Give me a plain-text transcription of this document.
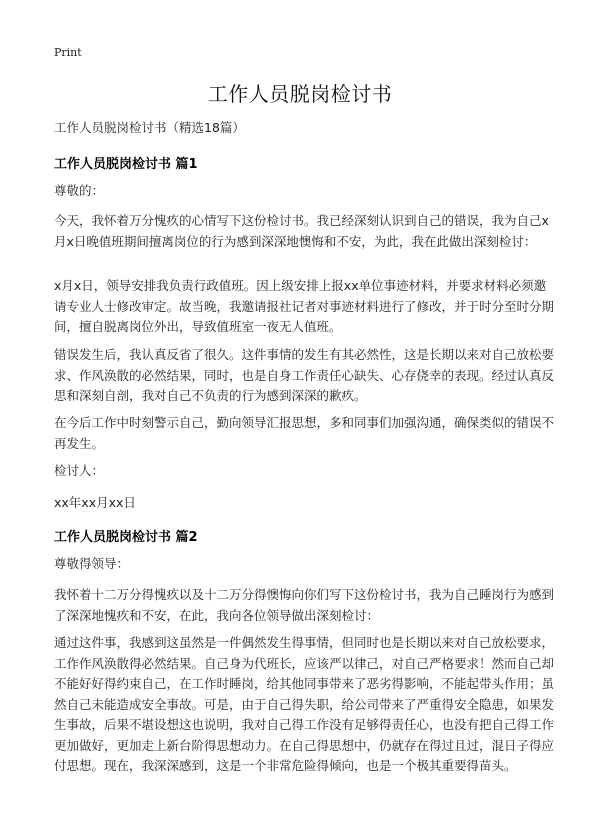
Print
工作人员脱岗检讨书
工作人员脱岗检讨书（精选18篇）
工作人员脱岗检讨书 篇1

尊敬的：

今天，我怀着万分愧疚的心情写下这份检讨书。我已经深刻认识到自己的错误，我为自己x月x日晚值班期间擅离岗位的行为感到深深地懊悔和不安，为此，我在此做出深刻检讨：

x月x日，领导安排我负责行政值班。因上级安排上报xx单位事迹材料，并要求材料必须邀请专业人士修改审定。故当晚，我邀请报社记者对事迹材料进行了修改，并于时分至时分期间，擅自脱离岗位外出，导致值班室一夜无人值班。

错误发生后，我认真反省了很久。这件事情的发生有其必然性，这是长期以来对自己放松要求、作风涣散的必然结果，同时，也是自身工作责任心缺失、心存侥幸的表现。经过认真反思和深刻自剖，我对自己不负责的行为感到深深的歉疚。

在今后工作中时刻警示自己，勤向领导汇报思想，多和同事们加强沟通，确保类似的错误不再发生。

检讨人：

xx年xx月xx日

工作人员脱岗检讨书 篇2

尊敬得领导：

我怀着十二万分得愧疚以及十二万分得懊悔向你们写下这份检讨书，我为自己睡岗行为感到了深深地愧疚和不安，在此，我向各位领导做出深刻检讨：

通过这件事，我感到这虽然是一件偶然发生得事情，但同时也是长期以来对自己放松要求，工作作风涣散得必然结果。自己身为代班长，应该严以律己，对自己严格要求！然而自己却不能好好得约束自己，在工作时睡岗，给其他同事带来了恶劣得影响，不能起带头作用；虽然自己未能造成安全事故。可是，由于自己得失职，给公司带来了严重得安全隐患，如果发生事故，后果不堪设想这也说明，我对自己得工作没有足够得责任心，也没有把自己得工作更加做好，更加走上新台阶得思想动力。在自己得思想中，仍就存在得过且过，混日子得应付思想。现在，我深深感到，这是一个非常危险得倾向，也是一个极其重要得苗头。
